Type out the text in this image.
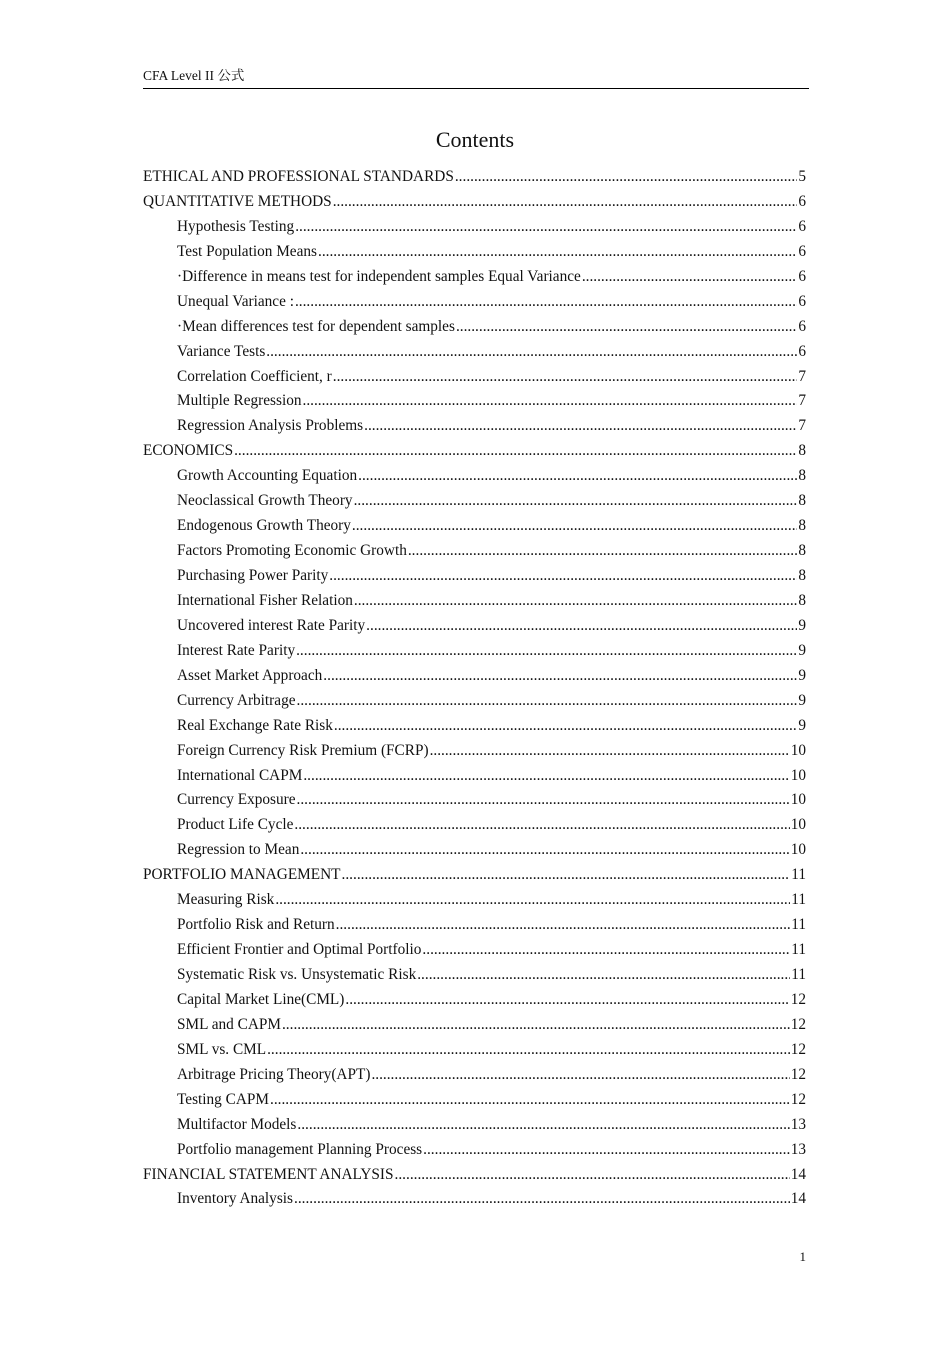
CFA Level II 公式
Contents
ETHICAL AND PROFESSIONAL STANDARDS .....	5
QUANTITATIVE METHODS .....	6
Hypothesis Testing .....	6
Test Population Means .....	6
·Difference in means test for independent samples Equal Variance .....	6
Unequal Variance : .....	6
·Mean differences test for dependent samples .....	6
Variance Tests .....	6
Correlation Coefficient, r .....	7
Multiple Regression .....	7
Regression Analysis Problems .....	7
ECONOMICS .....	8
Growth Accounting Equation .....	8
Neoclassical Growth Theory .....	8
Endogenous Growth Theory .....	8
Factors Promoting Economic Growth .....	8
Purchasing Power Parity .....	8
International Fisher Relation .....	8
Uncovered interest Rate Parity .....	9
Interest Rate Parity .....	9
Asset Market Approach .....	9
Currency Arbitrage .....	9
Real Exchange Rate Risk .....	9
Foreign Currency Risk Premium (FCRP) .....	10
International CAPM .....	10
Currency Exposure .....	10
Product Life Cycle .....	10
Regression to Mean .....	10
PORTFOLIO MANAGEMENT .....	11
Measuring Risk .....	11
Portfolio Risk and Return .....	11
Efficient Frontier and Optimal Portfolio .....	11
Systematic Risk vs. Unsystematic Risk .....	11
Capital Market Line(CML) .....	12
SML and CAPM .....	12
SML vs. CML .....	12
Arbitrage Pricing Theory(APT) .....	12
Testing CAPM .....	12
Multifactor Models .....	13
Portfolio management Planning Process .....	13
FINANCIAL STATEMENT ANALYSIS .....	14
Inventory Analysis .....	14
1
